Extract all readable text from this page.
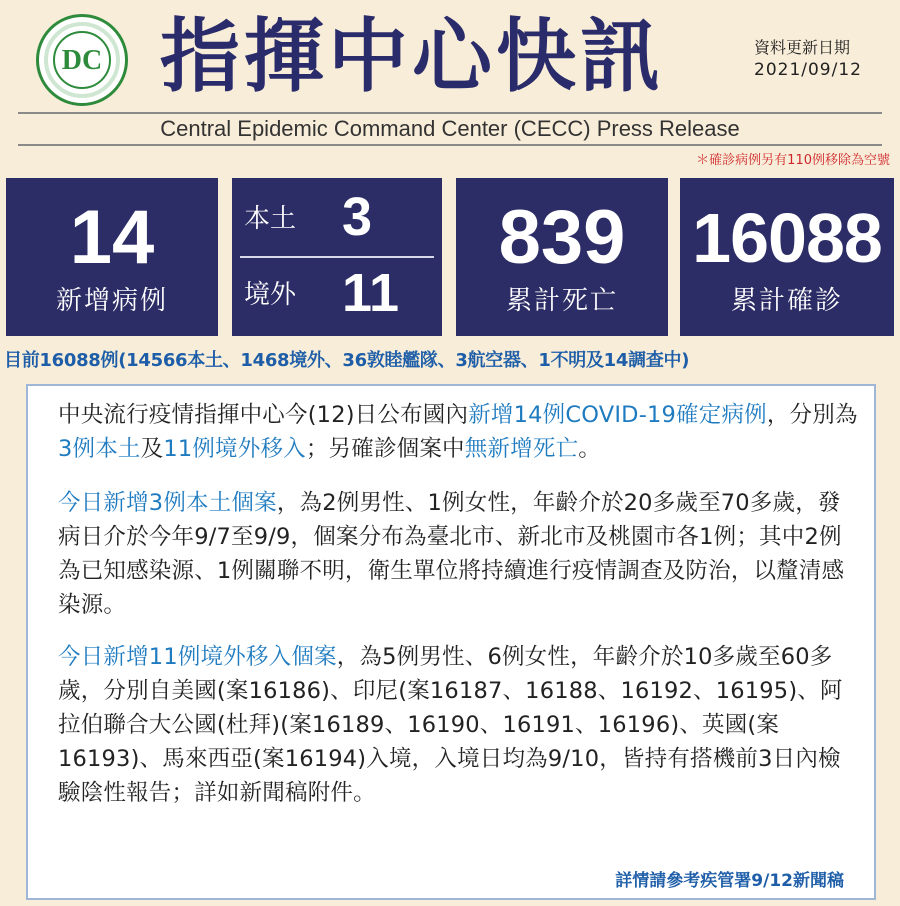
DC 指揮中心快訊	資料更新日期
2021/09/12
Central Epidemic Command Center (CECC) Press Release
＊確診病例另有110例移除為空號
14
新增病例
本土 3
境外 11
839
累計死亡
16088
累計確診
目前16088例(14566本土、1468境外、36敦睦艦隊、3航空器、1不明及14調查中)
中央流行疫情指揮中心今(12)日公布國內新增14例COVID-19確定病例，分別為3例本土及11例境外移入；另確診個案中無新增死亡。
今日新增3例本土個案，為2例男性、1例女性，年齡介於20多歲至70多歲，發病日介於今年9/7至9/9，個案分布為臺北市、新北市及桃園市各1例；其中2例為已知感染源、1例關聯不明，衛生單位將持續進行疫情調查及防治，以釐清感染源。
今日新增11例境外移入個案，為5例男性、6例女性，年齡介於10多歲至60多歲，分別自美國(案16186)、印尼(案16187、16188、16192、16195)、阿拉伯聯合大公國(杜拜)(案16189、16190、16191、16196)、英國(案16193)、馬來西亞(案16194)入境，入境日均為9/10，皆持有搭機前3日內檢驗陰性報告；詳如新聞稿附件。
詳情請參考疾管署9/12新聞稿
